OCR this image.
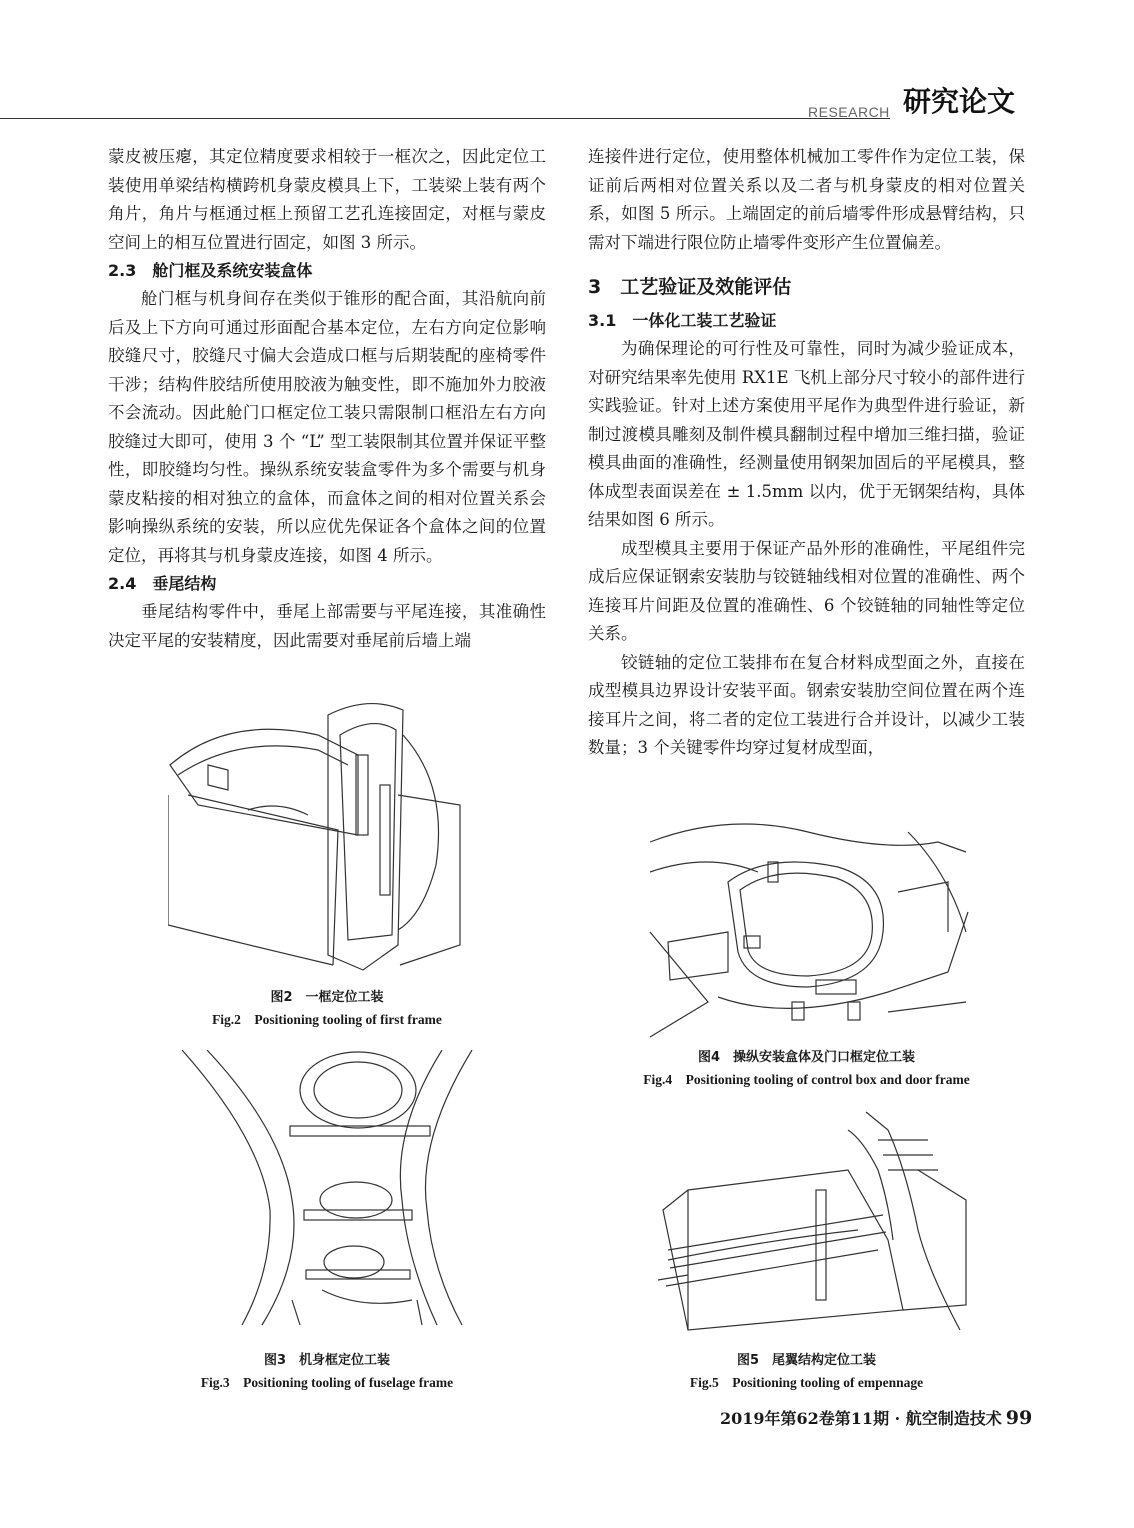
RESEARCH 研究论文

蒙皮被压瘪，其定位精度要求相较于一框次之，因此定位工装使用单梁结构横跨机身蒙皮模具上下，工装梁上装有两个角片，角片与框通过框上预留工艺孔连接固定，对框与蒙皮空间上的相互位置进行固定，如图 3 所示。

2.3　舱门框及系统安装盒体

舱门框与机身间存在类似于锥形的配合面，其沿航向前后及上下方向可通过形面配合基本定位，左右方向定位影响胶缝尺寸，胶缝尺寸偏大会造成口框与后期装配的座椅零件干涉；结构件胶结所使用胶液为触变性，即不施加外力胶液不会流动。因此舱门口框定位工装只需限制口框沿左右方向胶缝过大即可，使用 3 个 “L” 型工装限制其位置并保证平整性，即胶缝均匀性。操纵系统安装盒零件为多个需要与机身蒙皮粘接的相对独立的盒体，而盒体之间的相对位置关系会影响操纵系统的安装，所以应优先保证各个盒体之间的位置定位，再将其与机身蒙皮连接，如图 4 所示。

2.4　垂尾结构

垂尾结构零件中，垂尾上部需要与平尾连接，其准确性决定平尾的安装精度，因此需要对垂尾前后墙上端

连接件进行定位，使用整体机械加工零件作为定位工装，保证前后两相对位置关系以及二者与机身蒙皮的相对位置关系，如图 5 所示。上端固定的前后墙零件形成悬臂结构，只需对下端进行限位防止墙零件变形产生位置偏差。

3　工艺验证及效能评估
3.1　一体化工装工艺验证

为确保理论的可行性及可靠性，同时为减少验证成本，对研究结果率先使用 RX1E 飞机上部分尺寸较小的部件进行实践验证。针对上述方案使用平尾作为典型件进行验证，新制过渡模具雕刻及制件模具翻制过程中增加三维扫描，验证模具曲面的准确性，经测量使用钢架加固后的平尾模具，整体成型表面误差在 ± 1.5mm 以内，优于无钢架结构，具体结果如图 6 所示。

成型模具主要用于保证产品外形的准确性，平尾组件完成后应保证钢索安装肋与铰链轴线相对位置的准确性、两个连接耳片间距及位置的准确性、6 个铰链轴的同轴性等定位关系。

铰链轴的定位工装排布在复合材料成型面之外，直接在成型模具边界设计安装平面。钢索安装肋空间位置在两个连接耳片之间，将二者的定位工装进行合并设计，以减少工装数量；3 个关键零件均穿过复材成型面，

图2　一框定位工装
Fig.2　Positioning tooling of first frame
图3　机身框定位工装
Fig.3　Positioning tooling of fuselage frame
图4　操纵安装盒体及门口框定位工装
Fig.4　Positioning tooling of control box and door frame
图5　尾翼结构定位工装
Fig.5　Positioning tooling of empennage
2019年第62卷第11期 · 航空制造技术 99
